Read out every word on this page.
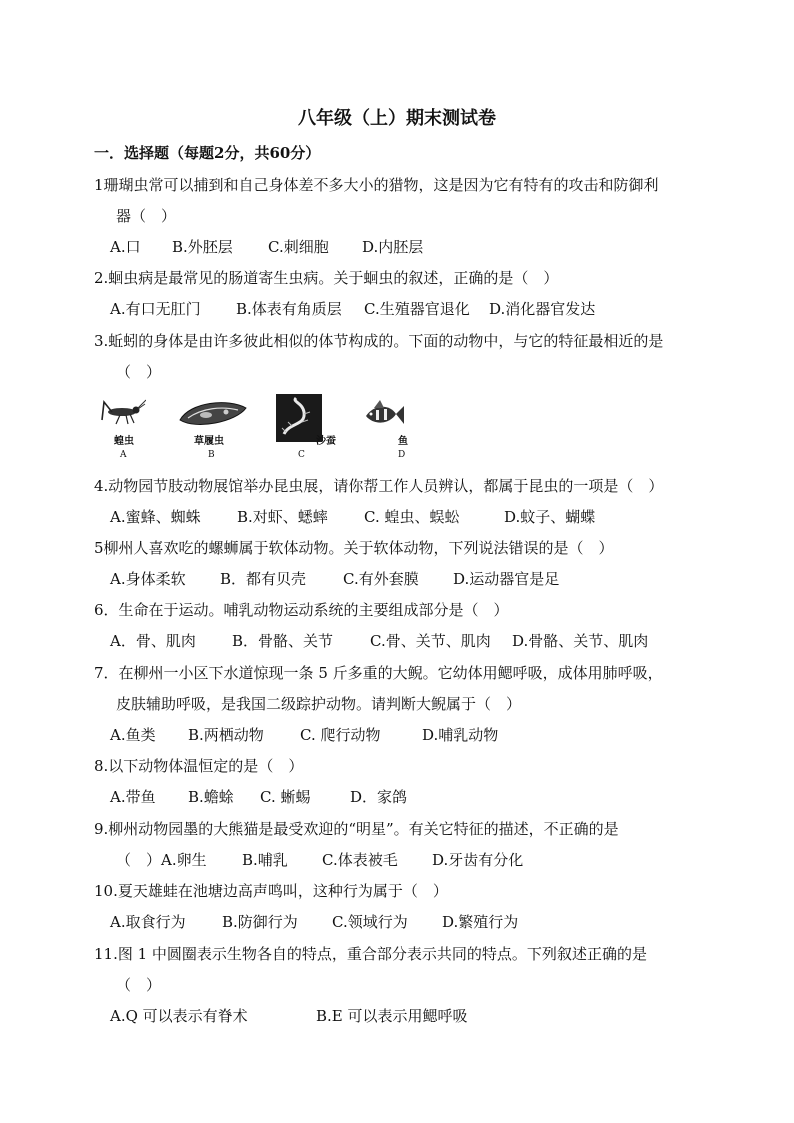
八年级（上）期末测试卷
一．选择题（每题2分，共60分）
1珊瑚虫常可以捕到和自己身体差不多大小的猎物，这是因为它有特有的攻击和防御利
器（　）
A.口 B.外胚层 C.刺细胞 D.内胚层
2.蛔虫病是最常见的肠道寄生虫病。关于蛔虫的叙述，正确的是（　）
A.有口无肛门 B.体表有角质层 C.生殖器官退化 D.消化器官发达
3.蚯蚓的身体是由许多彼此相似的体节构成的。下面的动物中，与它的特征最相近的是
（　）
蝗虫
A
草履虫
B
沙蚕
C
鱼
D
4.动物园节肢动物展馆举办昆虫展，请你帮工作人员辨认，都属于昆虫的一项是（　）
A.蜜蜂、蜘蛛 B.对虾、蟋蟀 C. 蝗虫、蜈蚣	D.蚊子、蝴蝶
5柳州人喜欢吃的螺蛳属于软体动物。关于软体动物，下列说法错误的是（　）
A.身体柔软 B．都有贝壳 C.有外套膜 D.运动器官是足
6．生命在于运动。哺乳动物运动系统的主要组成部分是（　）
A．骨、肌肉 B．骨骼、关节 C.骨、关节、肌肉 D.骨骼、关节、肌肉
7．在柳州一小区下水道惊现一条 5 斤多重的大鲵。它幼体用鳃呼吸，成体用肺呼吸，
皮肤辅助呼吸，是我国二级踪护动物。请判断大鲵属于（　）
A.鱼类 B.两栖动物 C. 爬行动物	D.哺乳动物
8.以下动物体温恒定的是（　）
A.带鱼 B.蟾蜍 C. 蜥蜴	D．家鸽
9.柳州动物园墨的大熊猫是最受欢迎的“明星”。有关它特征的描述，不正确的是
（　）A.卵生 B.哺乳 C.体表被毛 D.牙齿有分化
10.夏天雄蛙在池塘边高声鸣叫，这种行为属于（　）
A.取食行为 B.防御行为 C.领域行为 D.繁殖行为
11.图 1 中圆圈表示生物各自的特点，重合部分表示共同的特点。下列叙述正确的是
（　）
A.Q 可以表示有脊术	B.E 可以表示用鳃呼吸
